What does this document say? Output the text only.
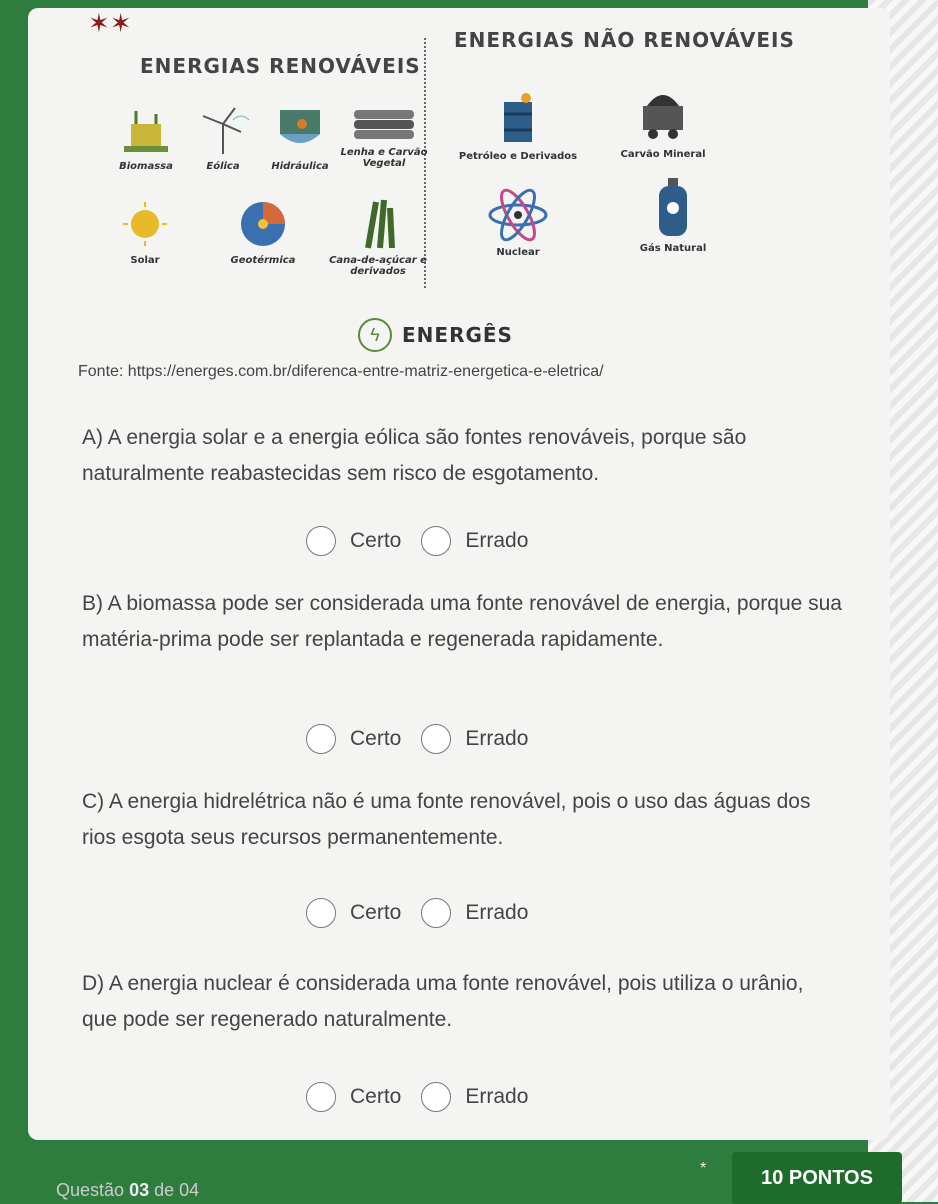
✶✶
ENERGIAS RENOVÁVEIS
ENERGIAS NÃO RENOVÁVEIS
Biomassa	Eólica	Hidráulica
Lenha e Carvão Vegetal
Solar	Geotérmica	Cana-de-açúcar e derivados
Petróleo e Derivados	Carvão Mineral
Nuclear	Gás Natural
ϟ	ENERGÊS
Fonte: https://energes.com.br/diferenca-entre-matriz-energetica-e-eletrica/
A) A energia solar e a energia eólica são fontes renováveis, porque são naturalmente reabastecidas sem risco de esgotamento.
Certo	Errado
B) A biomassa pode ser considerada uma fonte renovável de energia, porque sua matéria-prima pode ser replantada e regenerada rapidamente.
Certo	Errado
C) A energia hidrelétrica não é uma fonte renovável, pois o uso das águas dos rios esgota seus recursos permanentemente.
Certo	Errado
D) A energia nuclear é considerada uma fonte renovável, pois utiliza o urânio, que pode ser regenerado naturalmente.
Certo	Errado
Questão 03 de 04
*	10 PONTOS
